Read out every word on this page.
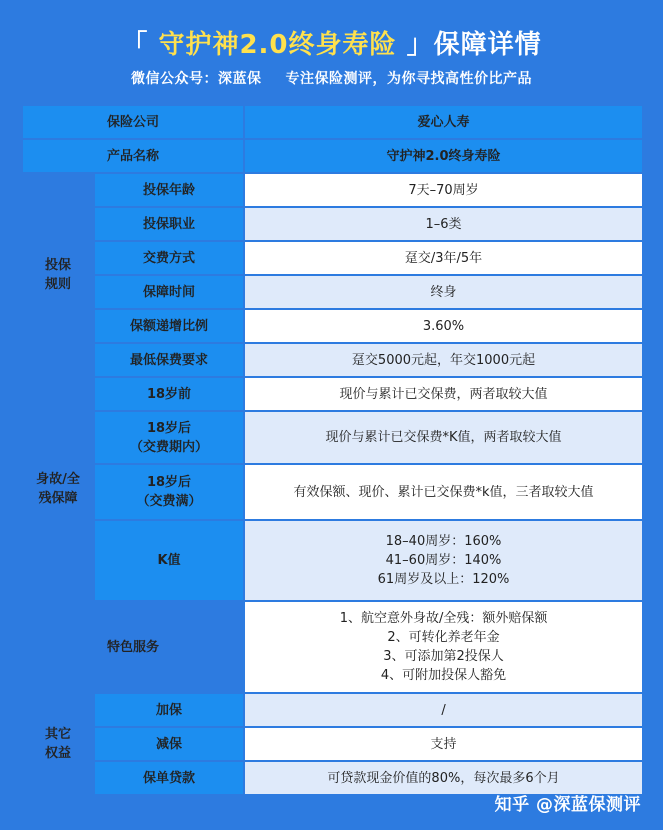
「 守护神2.0终身寿险 」保障详情
微信公众号：深蓝保 专注保险测评，为你寻找高性价比产品
保险公司		爱心人寿
产品名称		守护神2.0终身寿险

投保
规则	投保年龄	7天–70周岁
	投保职业	1–6类
	交费方式	趸交/3年/5年
	保障时间	终身
	保额递增比例	3.60%
	最低保费要求	趸交5000元起，年交1000元起

身故/全
残保障	18岁前	现价与累计已交保费，两者取较大值

	18岁后
（交费期内）	现价与累计已交保费*K值，两者取较大值

	18岁后
（交费满）	有效保额、现价、累计已交保费*k值，三者取较大值
	K值	18–40周岁：160%
41–60周岁：140%
61周岁及以上：120%

特色服务		1、航空意外身故/全残：额外赔保额
2、可转化养老年金
3、可添加第2投保人
4、可附加投保人豁免

其它
权益	加保	/
	减保	支持
	保单贷款	可贷款现金价值的80%，每次最多6个月
知乎 @深蓝保测评
